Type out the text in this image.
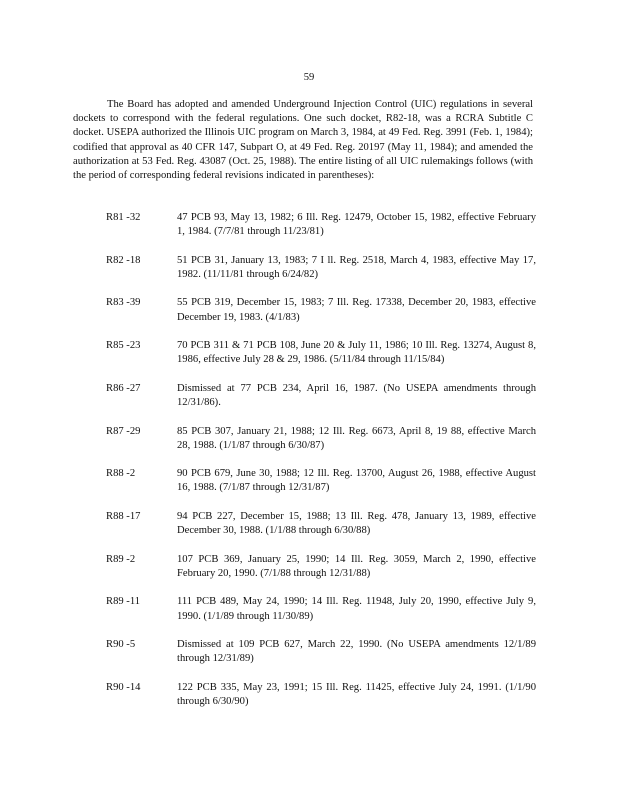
59

The Board has adopted and amended Underground Injection Control (UIC) regulations in several dockets to correspond with the federal regulations. One such docket, R82-18, was a RCRA Subtitle C docket. USEPA authorized the Illinois UIC program on March 3, 1984, at 49 Fed. Reg. 3991 (Feb. 1, 1984); codified that approval as 40 CFR 147, Subpart O, at 49 Fed. Reg. 20197 (May 11, 1984); and amended the authorization at 53 Fed. Reg. 43087 (Oct. 25, 1988). The entire listing of all UIC rulemakings follows (with the period of corresponding federal revisions indicated in parentheses):

R81 -32	47 PCB 93, May 13, 1982; 6 Ill. Reg. 12479, October 15, 1982, effective February 1, 1984. (7/7/81 through 11/23/81)
R82 -18	51 PCB 31, January 13, 1983; 7 I ll. Reg. 2518, March 4, 1983, effective May 17, 1982. (11/11/81 through 6/24/82)
R83 -39	55 PCB 319, December 15, 1983; 7 Ill. Reg. 17338, December 20, 1983, effective December 19, 1983. (4/1/83)
R85 -23	70 PCB 311 & 71 PCB 108, June 20 & July 11, 1986; 10 Ill. Reg. 13274, August 8, 1986, effective July 28 & 29, 1986. (5/11/84 through 11/15/84)
R86 -27	Dismissed at 77 PCB 234, April 16, 1987. (No USEPA amendments through 12/31/86).
R87 -29	85 PCB 307, January 21, 1988; 12 Ill. Reg. 6673, April 8, 19 88, effective March 28, 1988. (1/1/87 through 6/30/87)
R88 -2	90 PCB 679, June 30, 1988; 12 Ill. Reg. 13700, August 26, 1988, effective August 16, 1988. (7/1/87 through 12/31/87)
R88 -17	94 PCB 227, December 15, 1988; 13 Ill. Reg. 478, January 13, 1989, effective December 30, 1988. (1/1/88 through 6/30/88)
R89 -2	107 PCB 369, January 25, 1990; 14 Ill. Reg. 3059, March 2, 1990, effective February 20, 1990. (7/1/88 through 12/31/88)
R89 -11	111 PCB 489, May 24, 1990; 14 Ill. Reg. 11948, July 20, 1990, effective July 9, 1990. (1/1/89 through 11/30/89)
R90 -5	Dismissed at 109 PCB 627, March 22, 1990. (No USEPA amendments 12/1/89 through 12/31/89)
R90 -14	122 PCB 335, May 23, 1991; 15 Ill. Reg. 11425, effective July 24, 1991. (1/1/90 through 6/30/90)
